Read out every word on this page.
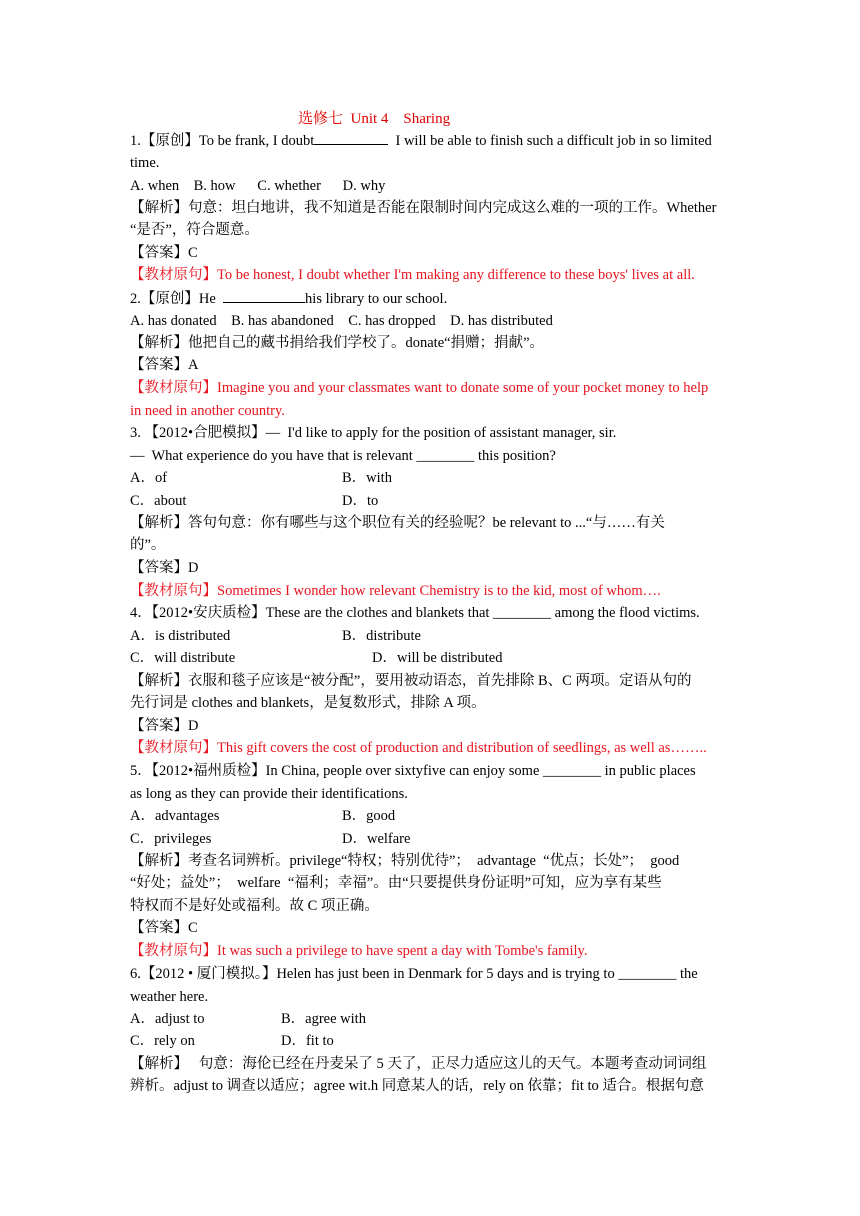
选修七  Unit 4    Sharing
1.【原创】To be frank, I doubt	I will be able to finish such a difficult job in so limited
time.
A. when    B. how      C. whether      D. why
【解析】句意：坦白地讲，我不知道是否能在限制时间内完成这么难的一项的工作。Whether
“是否”，符合题意。
【答案】C
【教材原句】To be honest, I doubt whether I'm making any difference to these boys' lives at all.
2.【原创】He	his library to our school.
A. has donated    B. has abandoned    C. has dropped    D. has distributed
【解析】他把自己的藏书捐给我们学校了。donate“捐赠；捐献”。
【答案】A
【教材原句】Imagine you and your classmates want to donate some of your pocket money to help
in need in another country.
3. 【2012•合肥模拟】—  I'd like to apply for the position of assistant manager, sir.
—  What experience do you have that is relevant ________ this position?
A．of	B．with
C．about	D．to
【解析】答句句意：你有哪些与这个职位有关的经验呢？be relevant to ...“与……有关
的”。
【答案】D
【教材原句】Sometimes I wonder how relevant Chemistry is to the kid, most of whom….
4．【2012•安庆质检】These are the clothes and blankets that ________ among the flood victims.
A．is distributed	B．distribute
C．will distribute	D．will be distributed
【解析】衣服和毯子应该是“被分配”，要用被动语态，首先排除 B、C 两项。定语从句的
先行词是 clothes and blankets，是复数形式，排除 A 项。
【答案】D
【教材原句】This gift covers the cost of production and distribution of seedlings, as well as……..
5．【2012•福州质检】In China, people over sixtyfive can enjoy some ________ in public places
as long as they can provide their identifications.
A．advantages	B．good
C．privileges	D．welfare
【解析】考查名词辨析。privilege“特权；特别优待”；  advantage  “优点；长处”；  good
“好处；益处”；  welfare  “福利；幸福”。由“只要提供身份证明”可知，应为享有某些
特权而不是好处或福利。故 C 项正确。
【答案】C
【教材原句】It was such a privilege to have spent a day with Tombe's family.
6.【2012 • 厦门模拟。】Helen has just been in Denmark for 5 days and is trying to ________ the
weather here.
A．adjust to	B．agree with
C．rely on	D．fit to
【解析】   句意：海伦已经在丹麦呆了 5 天了，正尽力适应这儿的天气。本题考查动词词组
辨析。adjust to 调查以适应；agree wit.h 同意某人的话，rely on 依靠；fit to 适合。根据句意
